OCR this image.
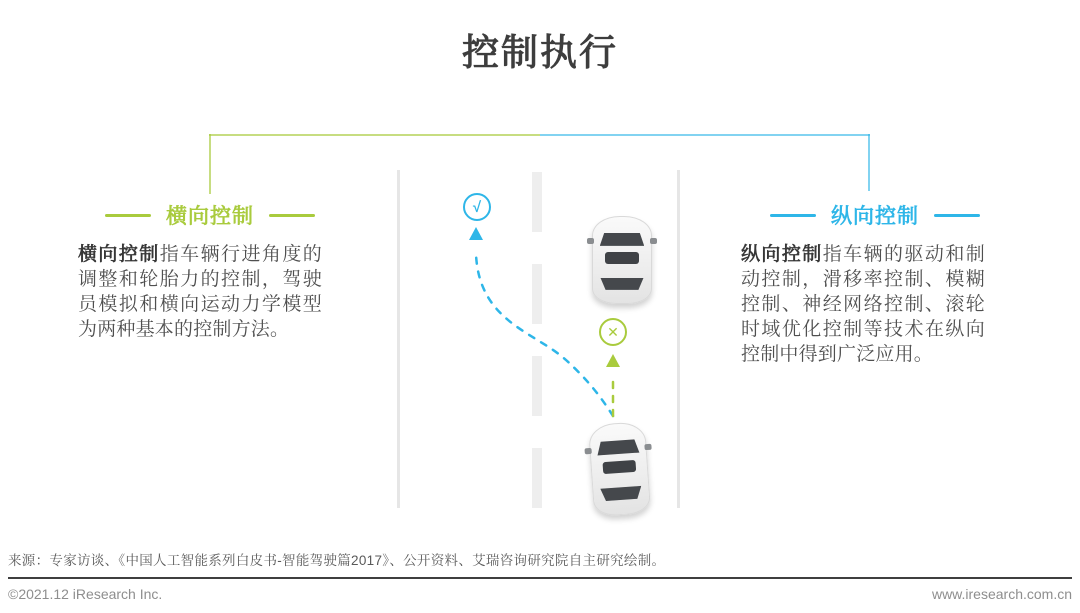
控制执行
横向控制	纵向控制

横向控制指车辆行进角度的调整和轮胎力的控制，驾驶员模拟和横向运动力学模型为两种基本的控制方法。

纵向控制指车辆的驱动和制动控制，滑移率控制、模糊控制、神经网络控制、滚轮时域优化控制等技术在纵向控制中得到广泛应用。

√
✕
来源：专家访谈、《中国人工智能系列白皮书-智能驾驶篇2017》、公开资料、艾瑞咨询研究院自主研究绘制。
©2021.12 iResearch Inc.	www.iresearch.com.cn
